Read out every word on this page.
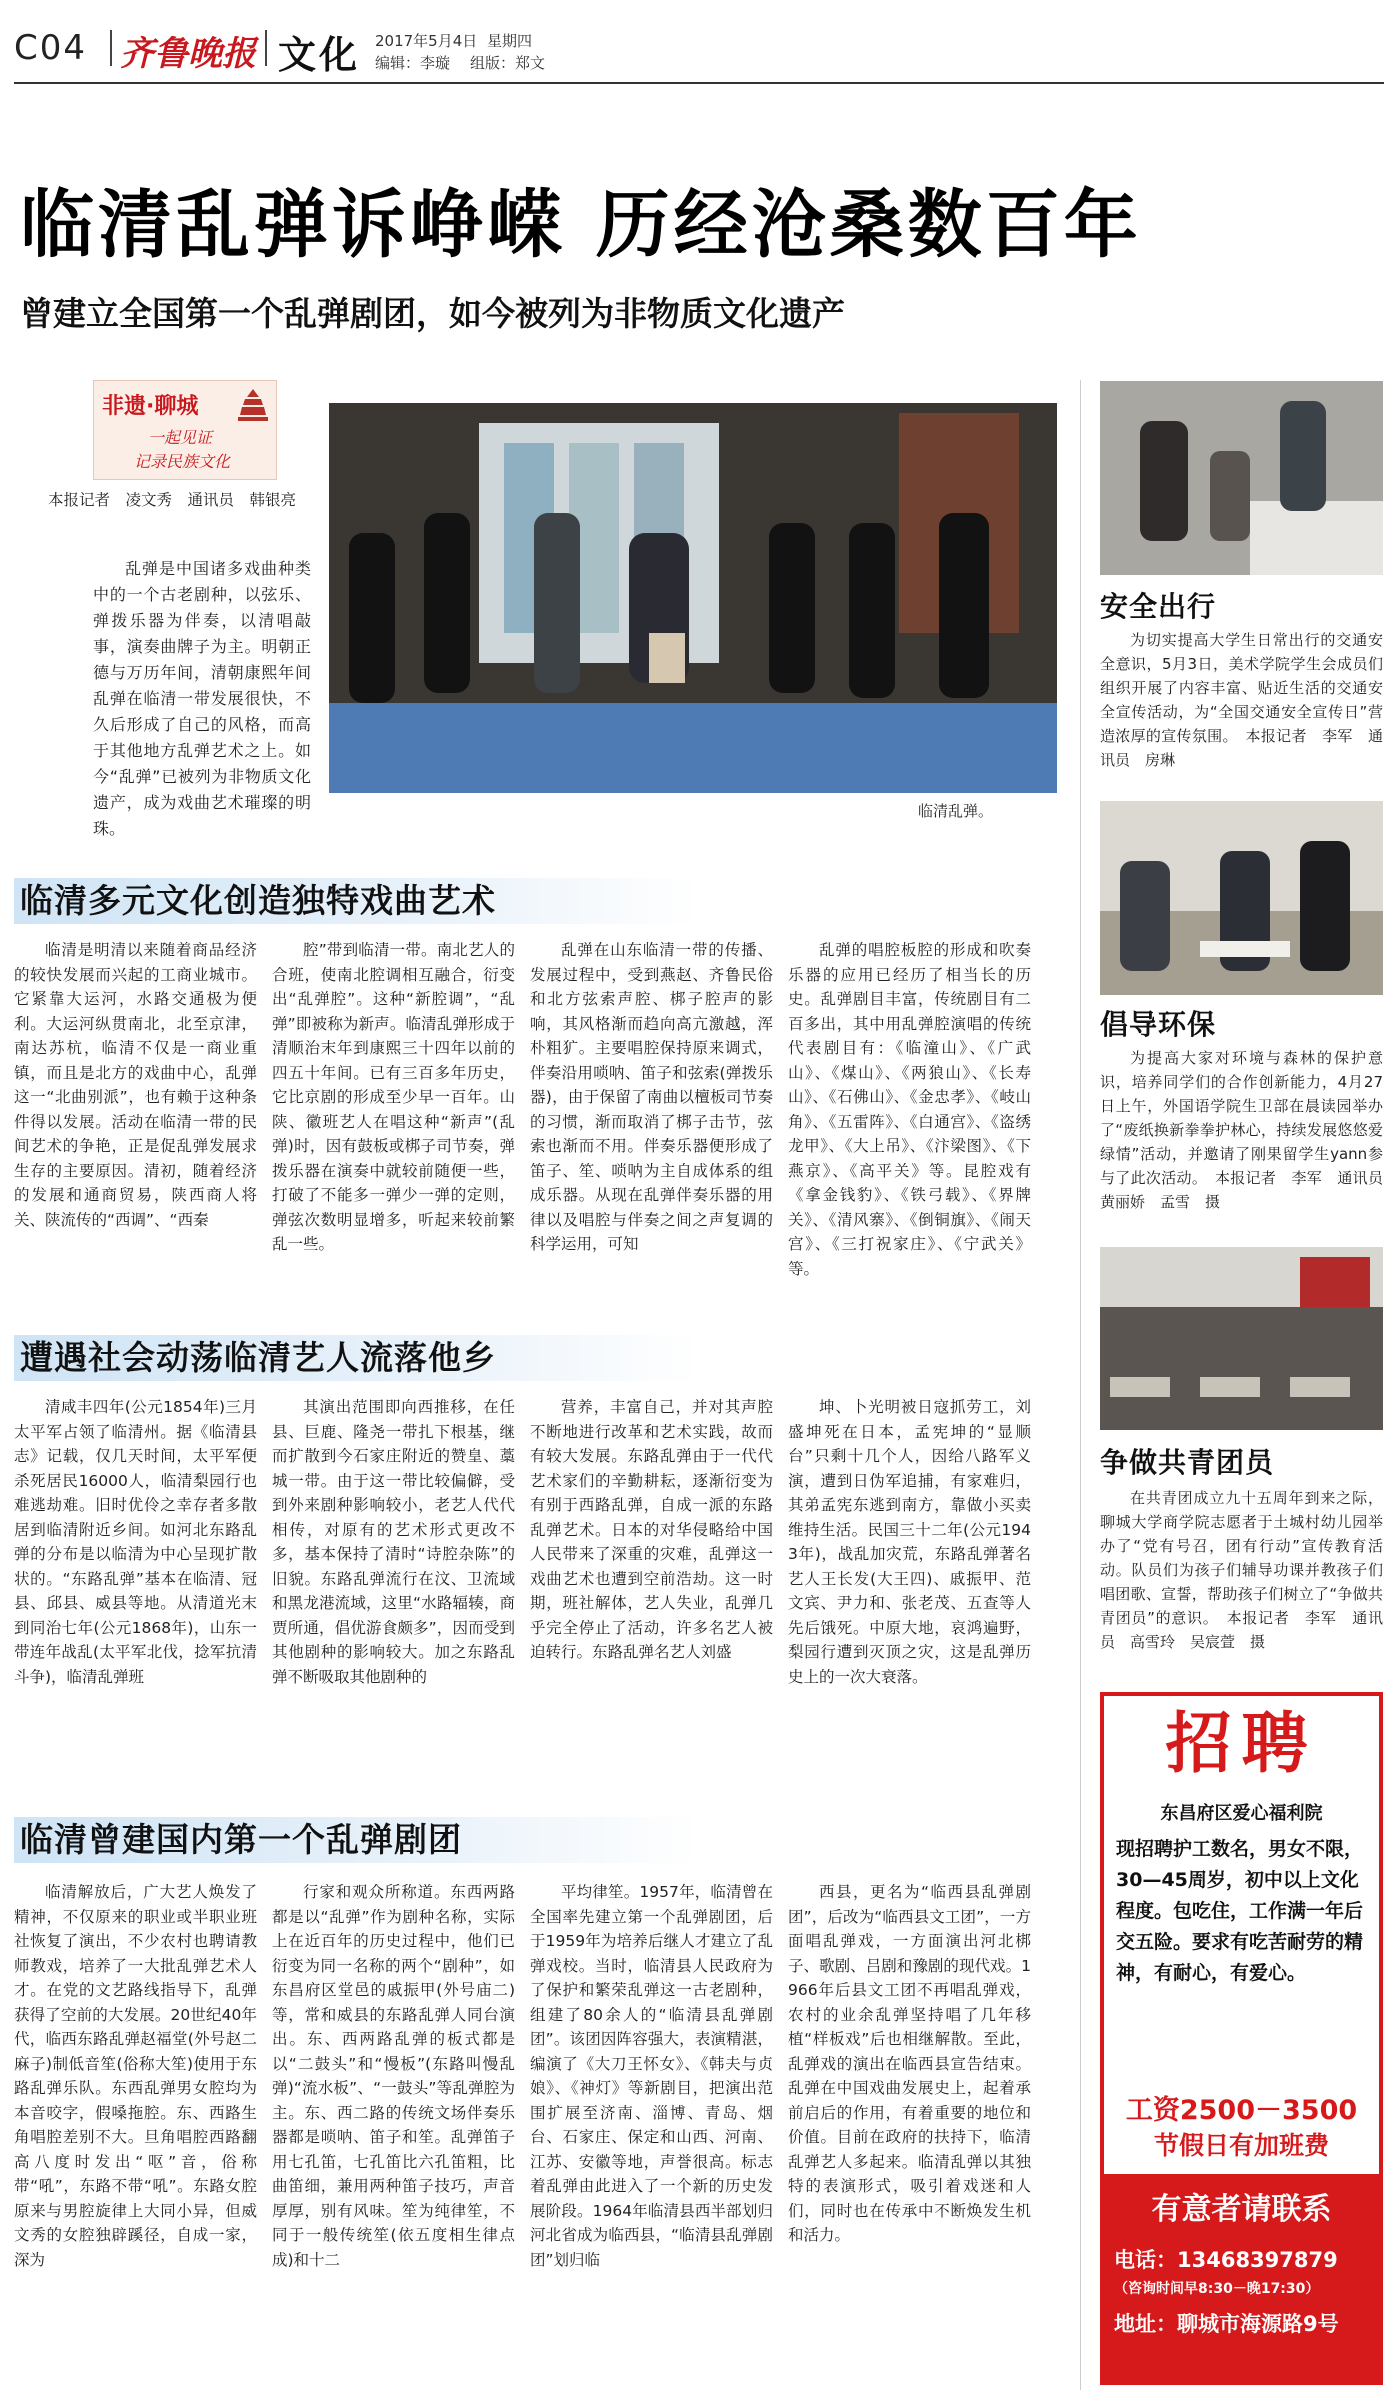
C04 齐鲁晚报 文化 2017年5月4日 星期四
编辑：李璇 组版：郑文
临清乱弹诉峥嵘 历经沧桑数百年
曾建立全国第一个乱弹剧团，如今被列为非物质文化遗产
非遗·聊城
一起见证
记录民族文化
本报记者　凌文秀　通讯员　韩银亮
乱弹是中国诸多戏曲种类中的一个古老剧种，以弦乐、弹拨乐器为伴奏，以清唱敲事，演奏曲牌子为主。明朝正德与万历年间，清朝康熙年间乱弹在临清一带发展很快，不久后形成了自己的风格，而高于其他地方乱弹艺术之上。如今“乱弹”已被列为非物质文化遗产，成为戏曲艺术璀璨的明珠。
临清乱弹。
临清多元文化创造独特戏曲艺术
临清是明清以来随着商品经济的较快发展而兴起的工商业城市。它紧靠大运河，水路交通极为便利。大运河纵贯南北，北至京津，南达苏杭，临清不仅是一商业重镇，而且是北方的戏曲中心，乱弹这一“北曲别派”，也有赖于这种条件得以发展。活动在临清一带的民间艺术的争艳，正是促乱弹发展求生存的主要原因。清初，随着经济的发展和通商贸易，陕西商人将关、陕流传的“西调”、“西秦
腔”带到临清一带。南北艺人的合班，使南北腔调相互融合，衍变出“乱弹腔”。这种“新腔调”，“乱弹”即被称为新声。临清乱弹形成于清顺治末年到康熙三十四年以前的四五十年间。已有三百多年历史，它比京剧的形成至少早一百年。山陕、徽班艺人在唱这种“新声”(乱弹)时，因有鼓板或梆子司节奏，弹拨乐器在演奏中就较前随便一些，打破了不能多一弹少一弹的定则，弹弦次数明显增多，听起来较前繁乱一些。
乱弹在山东临清一带的传播、发展过程中，受到燕赵、齐鲁民俗和北方弦索声腔、梆子腔声的影响，其风格渐而趋向高亢激越，浑朴粗犷。主要唱腔保持原来调式，伴奏沿用唢呐、笛子和弦索(弹拨乐器)，由于保留了南曲以檀板司节奏的习惯，渐而取消了梆子击节，弦索也渐而不用。伴奏乐器便形成了笛子、笙、唢呐为主自成体系的组成乐器。从现在乱弹伴奏乐器的用律以及唱腔与伴奏之间之声复调的科学运用，可知
乱弹的唱腔板腔的形成和吹奏乐器的应用已经历了相当长的历史。乱弹剧目丰富，传统剧目有二百多出，其中用乱弹腔演唱的传统代表剧目有：《临潼山》、《广武山》、《煤山》、《两狼山》、《长寿山》、《石佛山》、《金忠孝》、《岐山角》、《五雷阵》、《白通宫》、《盗绣龙甲》、《大上吊》、《汴梁图》、《下燕京》、《高平关》等。昆腔戏有《拿金钱豹》、《铁弓载》、《界牌关》、《清风寨》、《倒铜旗》、《闹天宫》、《三打祝家庄》、《宁武关》等。
遭遇社会动荡临清艺人流落他乡
清咸丰四年(公元1854年)三月太平军占领了临清州。据《临清县志》记载，仅几天时间，太平军便杀死居民16000人，临清梨园行也难逃劫难。旧时优伶之幸存者多散居到临清附近乡间。如河北东路乱弹的分布是以临清为中心呈现扩散状的。“东路乱弹”基本在临清、冠县、邱县、威县等地。从清道光末到同治七年(公元1868年)，山东一带连年战乱(太平军北伐，捻军抗清斗争)，临清乱弹班
其演出范围即向西推移，在任县、巨鹿、隆尧一带扎下根基，继而扩散到今石家庄附近的赞皇、藁城一带。由于这一带比较偏僻，受到外来剧种影响较小，老艺人代代相传，对原有的艺术形式更改不多，基本保持了清时“诗腔杂陈”的旧貌。东路乱弹流行在汶、卫流域和黑龙港流域，这里“水路辐辏，商贾所通，倡优游食颇多”，因而受到其他剧种的影响较大。加之东路乱弹不断吸取其他剧种的
营养，丰富自己，并对其声腔不断地进行改革和艺术实践，故而有较大发展。东路乱弹由于一代代艺术家们的辛勤耕耘，逐渐衍变为有别于西路乱弹，自成一派的东路乱弹艺术。日本的对华侵略给中国人民带来了深重的灾难，乱弹这一戏曲艺术也遭到空前浩劫。这一时期，班社解体，艺人失业，乱弹几乎完全停止了活动，许多名艺人被迫转行。东路乱弹名艺人刘盛
坤、卜光明被日寇抓劳工，刘盛坤死在日本，孟宪坤的“显顺台”只剩十几个人，因给八路军义演，遭到日伪军追捕，有家难归，其弟孟宪东逃到南方，靠做小买卖维持生活。民国三十二年(公元1943年)，战乱加灾荒，东路乱弹著名艺人王长发(大王四)、戚振甲、范文宾、尹力和、张老茂、五查等人先后饿死。中原大地，哀鸿遍野，梨园行遭到灭顶之灾，这是乱弹历史上的一次大衰落。
临清曾建国内第一个乱弹剧团
临清解放后，广大艺人焕发了精神，不仅原来的职业或半职业班社恢复了演出，不少农村也聘请教师教戏，培养了一大批乱弹艺术人才。在党的文艺路线指导下，乱弹获得了空前的大发展。20世纪40年代，临西东路乱弹赵福堂(外号赵二麻子)制低音笙(俗称大笙)使用于东路乱弹乐队。东西乱弹男女腔均为本音咬字，假嗓拖腔。东、西路生角唱腔差别不大。旦角唱腔西路翻高八度时发出“呕”音，俗称带“吼”，东路不带“吼”。东路女腔原来与男腔旋律上大同小异，但威文秀的女腔独辟蹊径，自成一家，深为
行家和观众所称道。东西两路都是以“乱弹”作为剧种名称，实际上在近百年的历史过程中，他们已衍变为同一名称的两个“剧种”，如东昌府区堂邑的戚振甲(外号庙二)等，常和威县的东路乱弹人同台演出。东、西两路乱弹的板式都是以“二鼓头”和“慢板”(东路叫慢乱弹)“流水板”、“一鼓头”等乱弹腔为主。东、西二路的传统文场伴奏乐器都是唢呐、笛子和笙。乱弹笛子用七孔笛，七孔笛比六孔笛粗，比曲笛细，兼用两种笛子技巧，声音厚厚，别有风味。笙为纯律笙，不同于一般传统笙(依五度相生律点成)和十二
平均律笙。1957年，临清曾在全国率先建立第一个乱弹剧团，后于1959年为培养后继人才建立了乱弹戏校。当时，临清县人民政府为了保护和繁荣乱弹这一古老剧种，组建了80余人的“临清县乱弹剧团”。该团因阵容强大，表演精湛，编演了《大刀王怀女》、《韩夫与贞娘》、《神灯》等新剧目，把演出范围扩展至济南、淄博、青岛、烟台、石家庄、保定和山西、河南、江苏、安徽等地，声誉很高。标志着乱弹由此进入了一个新的历史发展阶段。1964年临清县西半部划归河北省成为临西县，“临清县乱弹剧团”划归临
西县，更名为“临西县乱弹剧团”，后改为“临西县文工团”，一方面唱乱弹戏，一方面演出河北梆子、歌剧、吕剧和豫剧的现代戏。1966年后县文工团不再唱乱弹戏，农村的业余乱弹坚持唱了几年移植“样板戏”后也相继解散。至此，乱弹戏的演出在临西县宣告结束。乱弹在中国戏曲发展史上，起着承前启后的作用，有着重要的地位和价值。目前在政府的扶持下，临清乱弹艺人多起来。临清乱弹以其独特的表演形式，吸引着戏迷和人们，同时也在传承中不断焕发生机和活力。
安全出行
为切实提高大学生日常出行的交通安全意识，5月3日，美术学院学生会成员们组织开展了内容丰富、贴近生活的交通安全宣传活动，为“全国交通安全宣传日”营造浓厚的宣传氛围。　本报记者　李军　通讯员　房琳
倡导环保
为提高大家对环境与森林的保护意识，培养同学们的合作创新能力，4月27日上午，外国语学院生卫部在晨读园举办了“废纸换新拳拳护林心，持续发展悠悠爱绿情”活动，并邀请了刚果留学生yann参与了此次活动。　本报记者　李军　通讯员　黄丽娇　孟雪　摄
争做共青团员
在共青团成立九十五周年到来之际，聊城大学商学院志愿者于土城村幼儿园举办了“党有号召，团有行动”宣传教育活动。队员们为孩子们辅导功课并教孩子们唱团歌、宣誓，帮助孩子们树立了“争做共青团员”的意识。　本报记者　李军　通讯员　高雪玲　吴宸萱　摄
招聘
东昌府区爱心福利院
现招聘护工数名，男女不限，30—45周岁，初中以上文化程度。包吃住，工作满一年后交五险。要求有吃苦耐劳的精神，有耐心，有爱心。
工资2500－3500
节假日有加班费
有意者请联系
电话：13468397879
（咨询时间早8:30－晚17:30）
地址：聊城市海源路9号
